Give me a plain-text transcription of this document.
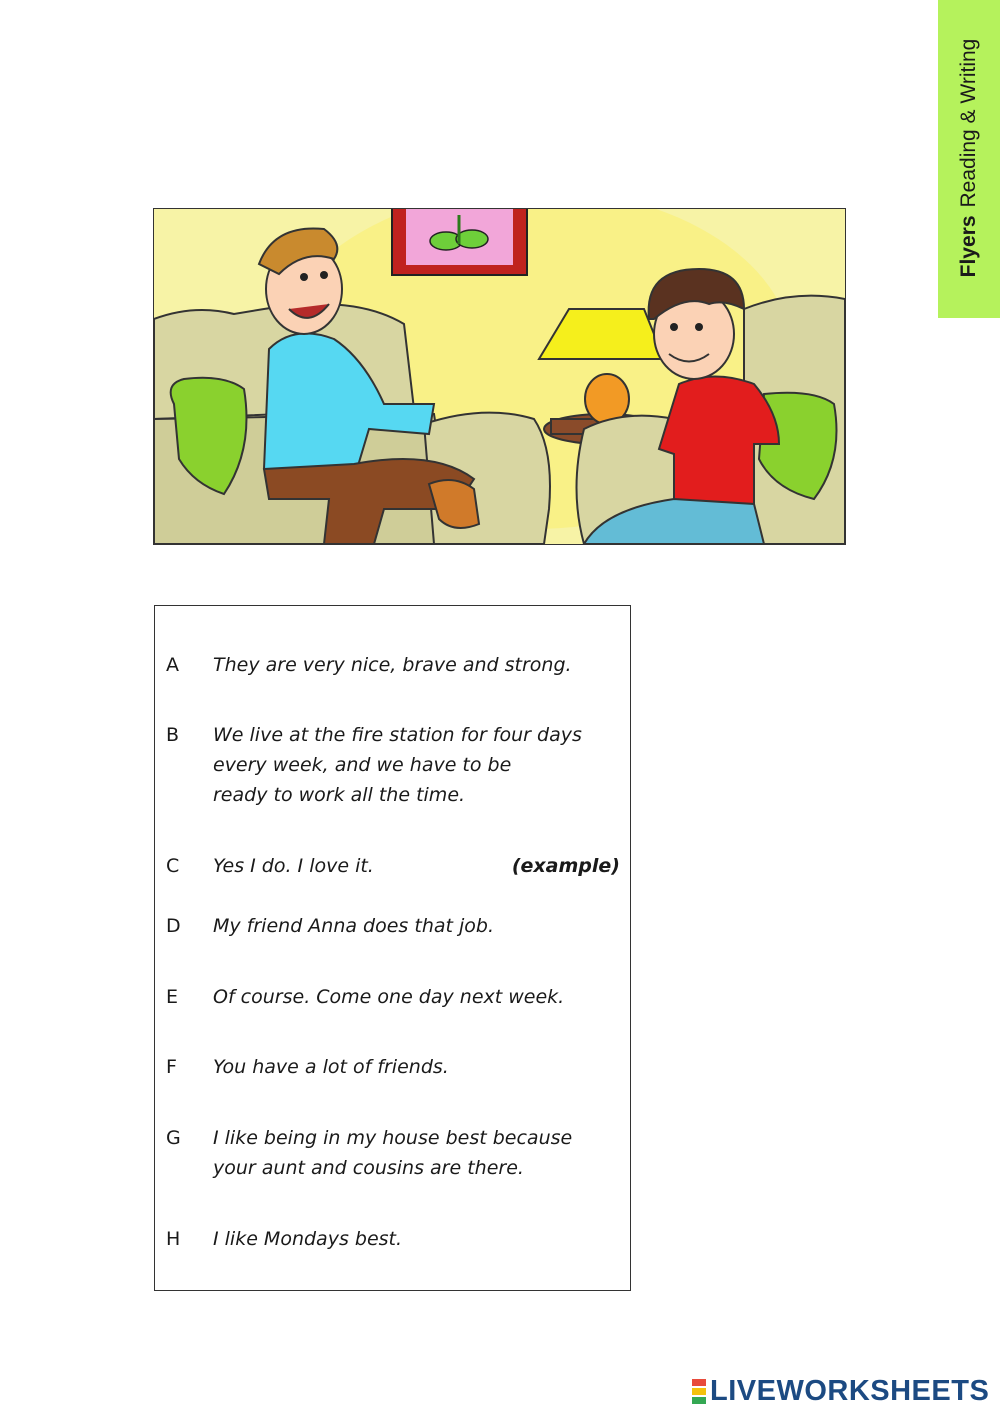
FlyersReading & Writing
A They are very nice, brave and strong.
B We live at the fire station for four days
every week, and we have to be
ready to work all the time.
C Yes I do. I love it.	(example)
D My friend Anna does that job.
E Of course. Come one day next week.
F You have a lot of friends.
G I like being in my house best because
your aunt and cousins are there.
H I like Mondays best.
LIVEWORKSHEETS
